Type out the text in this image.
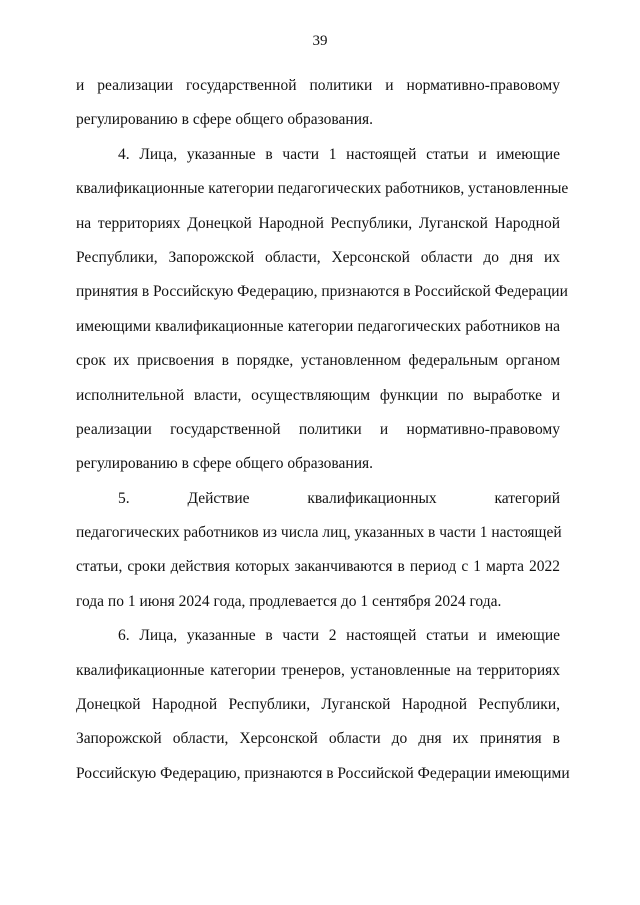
39
и реализации государственной политики и нормативно-правовому
регулированию в сфере общего образования.
4. Лица, указанные в части 1 настоящей статьи и имеющие
квалификационные категории педагогических работников, установленные
на территориях Донецкой Народной Республики, Луганской Народной
Республики, Запорожской области, Херсонской области до дня их
принятия в Российскую Федерацию, признаются в Российской Федерации
имеющими квалификационные категории педагогических работников на
срок их присвоения в порядке, установленном федеральным органом
исполнительной власти, осуществляющим функции по выработке и
реализации государственной политики и нормативно-правовому
регулированию в сфере общего образования.
5. Действие квалификационных категорий
педагогических работников из числа лиц, указанных в части 1 настоящей
статьи, сроки действия которых заканчиваются в период с 1 марта 2022
года по 1 июня 2024 года, продлевается до 1 сентября 2024 года.
6. Лица, указанные в части 2 настоящей статьи и имеющие
квалификационные категории тренеров, установленные на территориях
Донецкой Народной Республики, Луганской Народной Республики,
Запорожской области, Херсонской области до дня их принятия в
Российскую Федерацию, признаются в Российской Федерации имеющими
